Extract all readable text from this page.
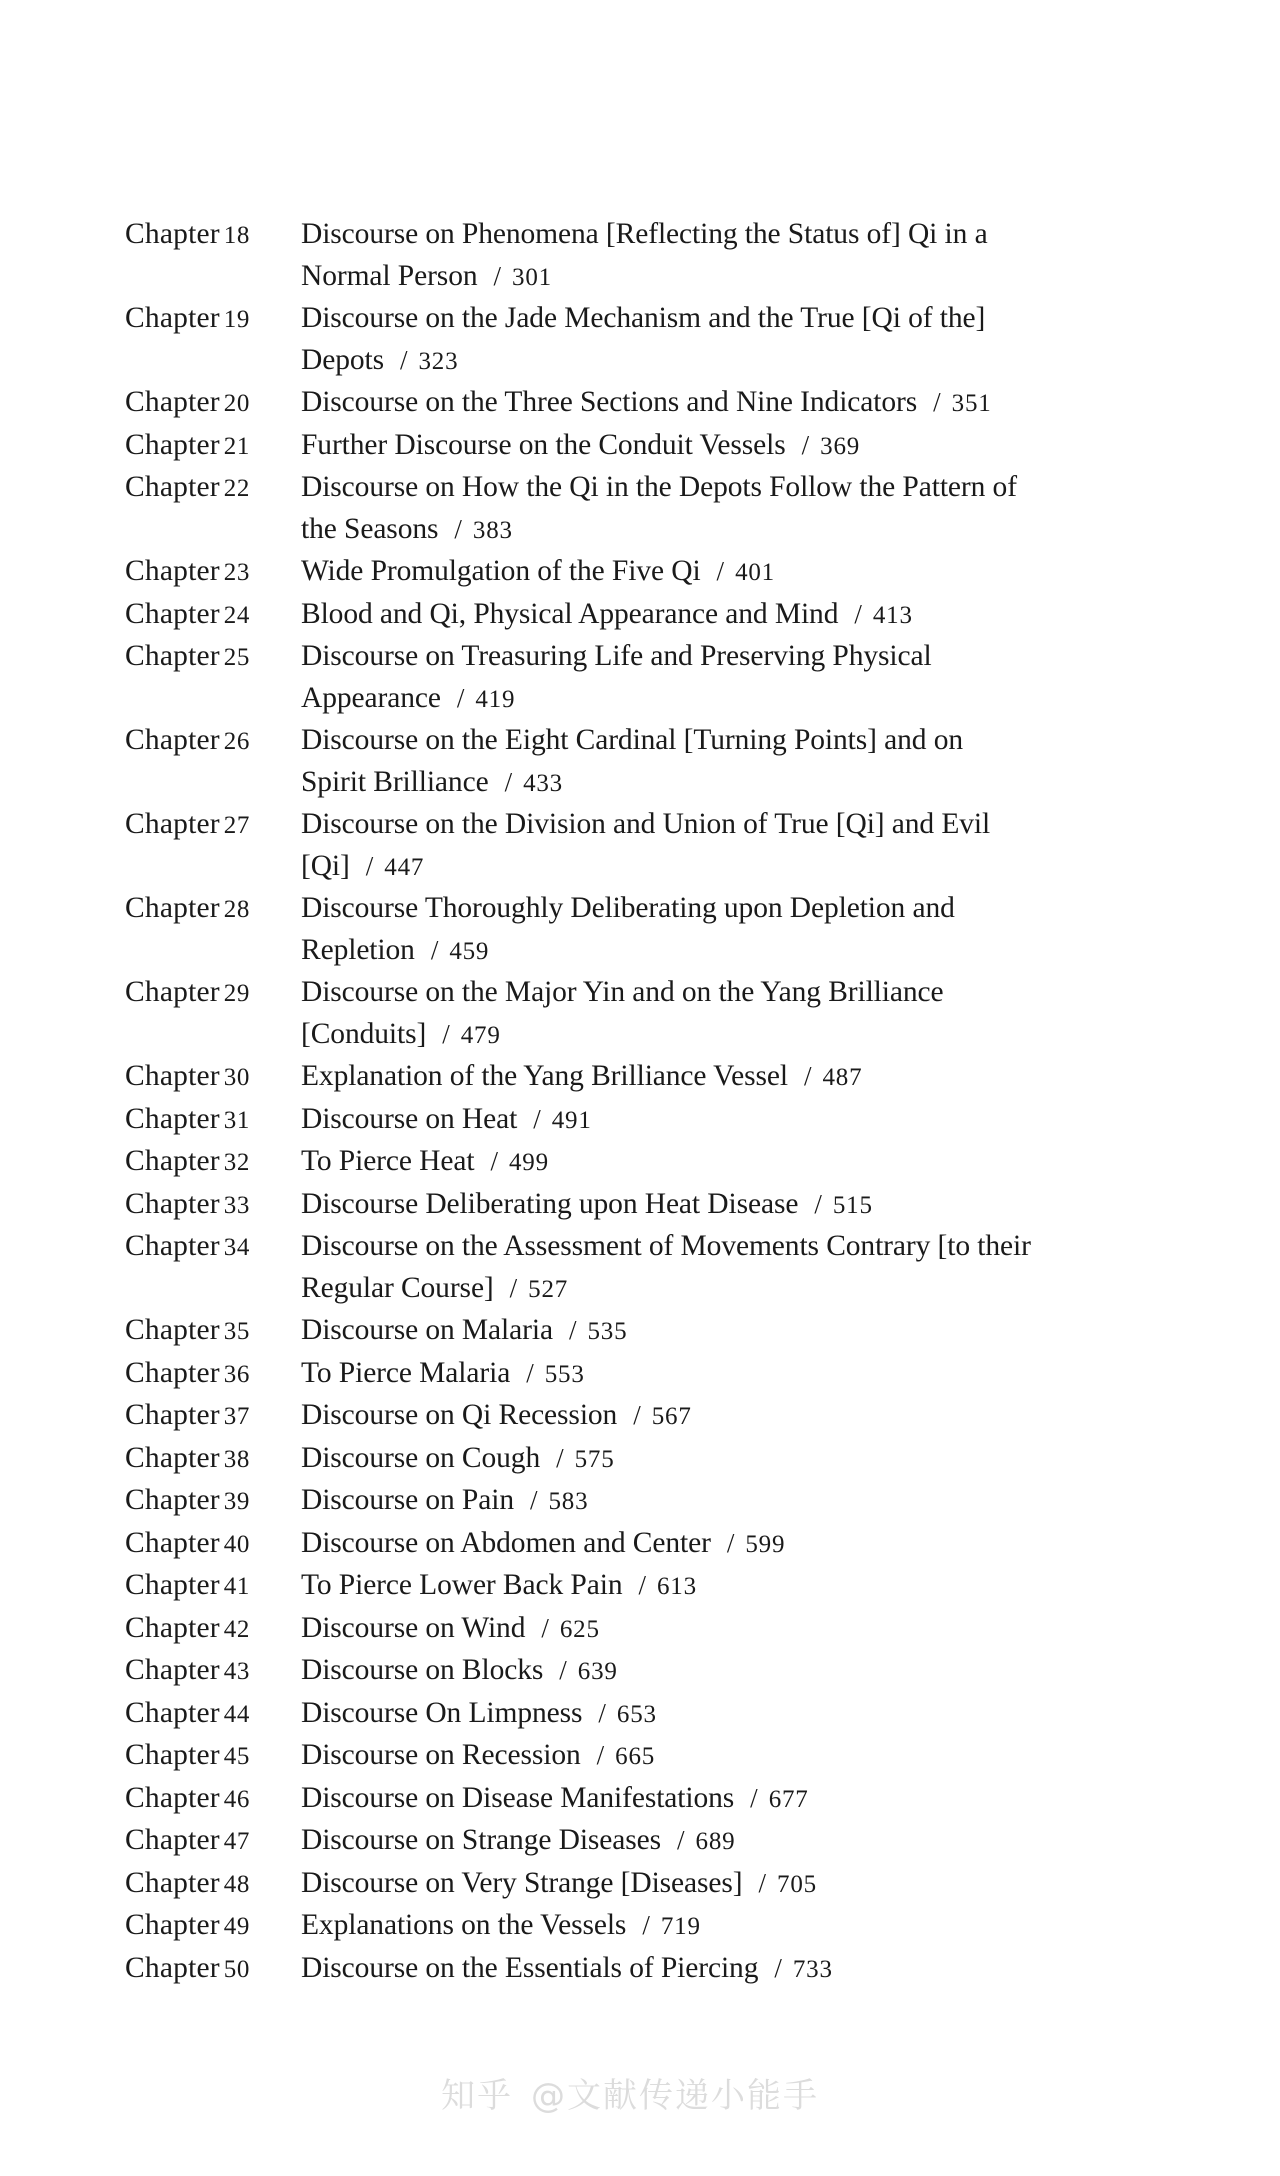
Chapter 18	Discourse on Phenomena [Reflecting the Status of] Qi in a
Normal Person / 301
Chapter 19	Discourse on the Jade Mechanism and the True [Qi of the]
Depots / 323
Chapter 20	Discourse on the Three Sections and Nine Indicators / 351
Chapter 21	Further Discourse on the Conduit Vessels / 369
Chapter 22	Discourse on How the Qi in the Depots Follow the Pattern of
the Seasons / 383
Chapter 23	Wide Promulgation of the Five Qi / 401
Chapter 24	Blood and Qi, Physical Appearance and Mind / 413
Chapter 25	Discourse on Treasuring Life and Preserving Physical
Appearance / 419
Chapter 26	Discourse on the Eight Cardinal [Turning Points] and on
Spirit Brilliance / 433
Chapter 27	Discourse on the Division and Union of True [Qi] and Evil
[Qi] / 447
Chapter 28	Discourse Thoroughly Deliberating upon Depletion and
Repletion / 459
Chapter 29	Discourse on the Major Yin and on the Yang Brilliance
[Conduits] / 479
Chapter 30	Explanation of the Yang Brilliance Vessel / 487
Chapter 31	Discourse on Heat / 491
Chapter 32	To Pierce Heat / 499
Chapter 33	Discourse Deliberating upon Heat Disease / 515
Chapter 34	Discourse on the Assessment of Movements Contrary [to their
Regular Course] / 527
Chapter 35	Discourse on Malaria / 535
Chapter 36	To Pierce Malaria / 553
Chapter 37	Discourse on Qi Recession / 567
Chapter 38	Discourse on Cough / 575
Chapter 39	Discourse on Pain / 583
Chapter 40	Discourse on Abdomen and Center / 599
Chapter 41	To Pierce Lower Back Pain / 613
Chapter 42	Discourse on Wind / 625
Chapter 43	Discourse on Blocks / 639
Chapter 44	Discourse On Limpness / 653
Chapter 45	Discourse on Recession / 665
Chapter 46	Discourse on Disease Manifestations / 677
Chapter 47	Discourse on Strange Diseases / 689
Chapter 48	Discourse on Very Strange [Diseases] / 705
Chapter 49	Explanations on the Vessels / 719
Chapter 50	Discourse on the Essentials of Piercing / 733
知乎 @文献传递小能手
